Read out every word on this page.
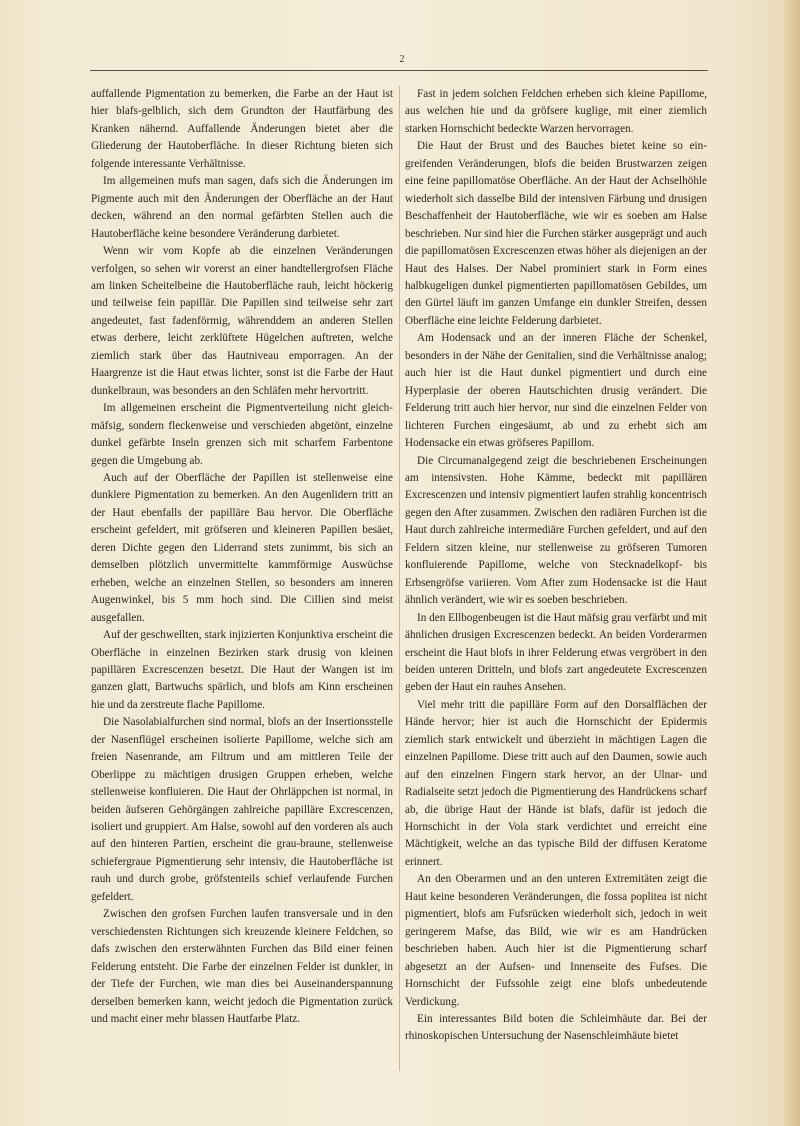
2

auffallende Pigmentation zu bemerken, die Farbe an der Haut ist hier blafs-gelblich, sich dem Grundton der Hautfärbung des Kranken nähernd. Auffallende Änderungen bietet aber die Gliederung der Hautoberfläche. In dieser Richtung bieten sich folgende interessante Verhältnisse.

Im allgemeinen mufs man sagen, dafs sich die Änderungen im Pigmente auch mit den Änderungen der Oberfläche an der Haut decken, während an den normal gefärbten Stellen auch die Hautoberfläche keine besondere Veränderung darbietet.

Wenn wir vom Kopfe ab die einzelnen Veränderungen verfolgen, so sehen wir vorerst an einer handtellergrofsen Fläche am linken Scheitelbeine die Hautoberfläche rauh, leicht höckerig und teilweise fein papillär. Die Papillen sind teilweise sehr zart angedeutet, fast fadenförmig, währenddem an anderen Stellen etwas derbere, leicht zerklüftete Hügelchen auftreten, welche ziemlich stark über das Hautniveau emporragen. An der Haargrenze ist die Haut etwas lichter, sonst ist die Farbe der Haut dunkelbraun, was besonders an den Schläfen mehr hervortritt.

Im allgemeinen erscheint die Pigmentverteilung nicht gleichmäfsig, sondern fleckenweise und verschieden abgetönt, einzelne dunkel gefärbte Inseln grenzen sich mit scharfem Farbentone gegen die Umgebung ab.

Auch auf der Oberfläche der Papillen ist stellenweise eine dunklere Pigmentation zu bemerken. An den Augenlidern tritt an der Haut ebenfalls der papilläre Bau hervor. Die Oberfläche erscheint gefeldert, mit gröfseren und kleineren Papillen besäet, deren Dichte gegen den Liderrand stets zunimmt, bis sich an demselben plötzlich unvermittelte kammförmige Auswüchse erheben, welche an einzelnen Stellen, so besonders am inneren Augenwinkel, bis 5 mm hoch sind. Die Cillien sind meist ausgefallen.

Auf der geschwellten, stark injizierten Konjunktiva erscheint die Oberfläche in einzelnen Bezirken stark drusig von kleinen papillären Excrescenzen besetzt. Die Haut der Wangen ist im ganzen glatt, Bartwuchs spärlich, und blofs am Kinn erscheinen hie und da zerstreute flache Papillome.

Die Nasolabialfurchen sind normal, blofs an der Insertionsstelle der Nasenflügel erscheinen isolierte Papillome, welche sich am freien Nasenrande, am Filtrum und am mittleren Teile der Oberlippe zu mächtigen drusigen Gruppen erheben, welche stellenweise konfluieren. Die Haut der Ohrläppchen ist normal, in beiden äufseren Gehörgängen zahlreiche papilläre Excrescenzen, isoliert und gruppiert. Am Halse, sowohl auf den vorderen als auch auf den hinteren Partien, erscheint die grau-braune, stellenweise schiefergraue Pigmentierung sehr intensiv, die Hautoberfläche ist rauh und durch grobe, gröfstenteils schief verlaufende Furchen gefeldert.

Zwischen den grofsen Furchen laufen transversale und in den verschiedensten Richtungen sich kreuzende kleinere Feldchen, so dafs zwischen den ersterwähnten Furchen das Bild einer feinen Felderung entsteht. Die Farbe der einzelnen Felder ist dunkler, in der Tiefe der Furchen, wie man dies bei Auseinanderspannung derselben bemerken kann, weicht jedoch die Pigmentation zurück und macht einer mehr blassen Hautfarbe Platz.

Fast in jedem solchen Feldchen erheben sich kleine Papillome, aus welchen hie und da gröfsere kuglige, mit einer ziemlich starken Hornschicht bedeckte Warzen hervorragen.

Die Haut der Brust und des Bauches bietet keine so eingreifenden Veränderungen, blofs die beiden Brustwarzen zeigen eine feine papillomatöse Oberfläche. An der Haut der Achselhöhle wiederholt sich dasselbe Bild der intensiven Färbung und drusigen Beschaffenheit der Hautoberfläche, wie wir es soeben am Halse beschrieben. Nur sind hier die Furchen stärker ausgeprägt und auch die papillomatösen Excrescenzen etwas höher als diejenigen an der Haut des Halses. Der Nabel prominiert stark in Form eines halbkugeligen dunkel pigmentierten papillomatösen Gebildes, um den Gürtel läuft im ganzen Umfange ein dunkler Streifen, dessen Oberfläche eine leichte Felderung darbietet.

Am Hodensack und an der inneren Fläche der Schenkel, besonders in der Nähe der Genitalien, sind die Verhältnisse analog; auch hier ist die Haut dunkel pigmentiert und durch eine Hyperplasie der oberen Hautschichten drusig verändert. Die Felderung tritt auch hier hervor, nur sind die einzelnen Felder von lichteren Furchen eingesäumt, ab und zu erhebt sich am Hodensacke ein etwas gröfseres Papillom.

Die Circumanalgegend zeigt die beschriebenen Erscheinungen am intensivsten. Hohe Kämme, bedeckt mit papillären Excrescenzen und intensiv pigmentiert laufen strahlig koncentrisch gegen den After zusammen. Zwischen den radiären Furchen ist die Haut durch zahlreiche intermediäre Furchen gefeldert, und auf den Feldern sitzen kleine, nur stellenweise zu gröfseren Tumoren konfluierende Papillome, welche von Stecknadelkopf- bis Erbsengröfse variieren. Vom After zum Hodensacke ist die Haut ähnlich verändert, wie wir es soeben beschrieben.

In den Ellbogenbeugen ist die Haut mäfsig grau verfärbt und mit ähnlichen drusigen Excrescenzen bedeckt. An beiden Vorderarmen erscheint die Haut blofs in ihrer Felderung etwas vergröbert in den beiden unteren Dritteln, und blofs zart angedeutete Excrescenzen geben der Haut ein rauhes Ansehen.

Viel mehr tritt die papilläre Form auf den Dorsalflächen der Hände hervor; hier ist auch die Hornschicht der Epidermis ziemlich stark entwickelt und überzieht in mächtigen Lagen die einzelnen Papillome. Diese tritt auch auf den Daumen, sowie auch auf den einzelnen Fingern stark hervor, an der Ulnar- und Radialseite setzt jedoch die Pigmentierung des Handrückens scharf ab, die übrige Haut der Hände ist blafs, dafür ist jedoch die Hornschicht in der Vola stark verdichtet und erreicht eine Mächtigkeit, welche an das typische Bild der diffusen Keratome erinnert.

An den Oberarmen und an den unteren Extremitäten zeigt die Haut keine besonderen Veränderungen, die fossa poplitea ist nicht pigmentiert, blofs am Fufsrücken wiederholt sich, jedoch in weit geringerem Mafse, das Bild, wie wir es am Handrücken beschrieben haben. Auch hier ist die Pigmentierung scharf abgesetzt an der Aufsen- und Innenseite des Fufses. Die Hornschicht der Fufssohle zeigt eine blofs unbedeutende Verdickung.

Ein interessantes Bild boten die Schleimhäute dar. Bei der rhinoskopischen Untersuchung der Nasenschleimhäute bietet
